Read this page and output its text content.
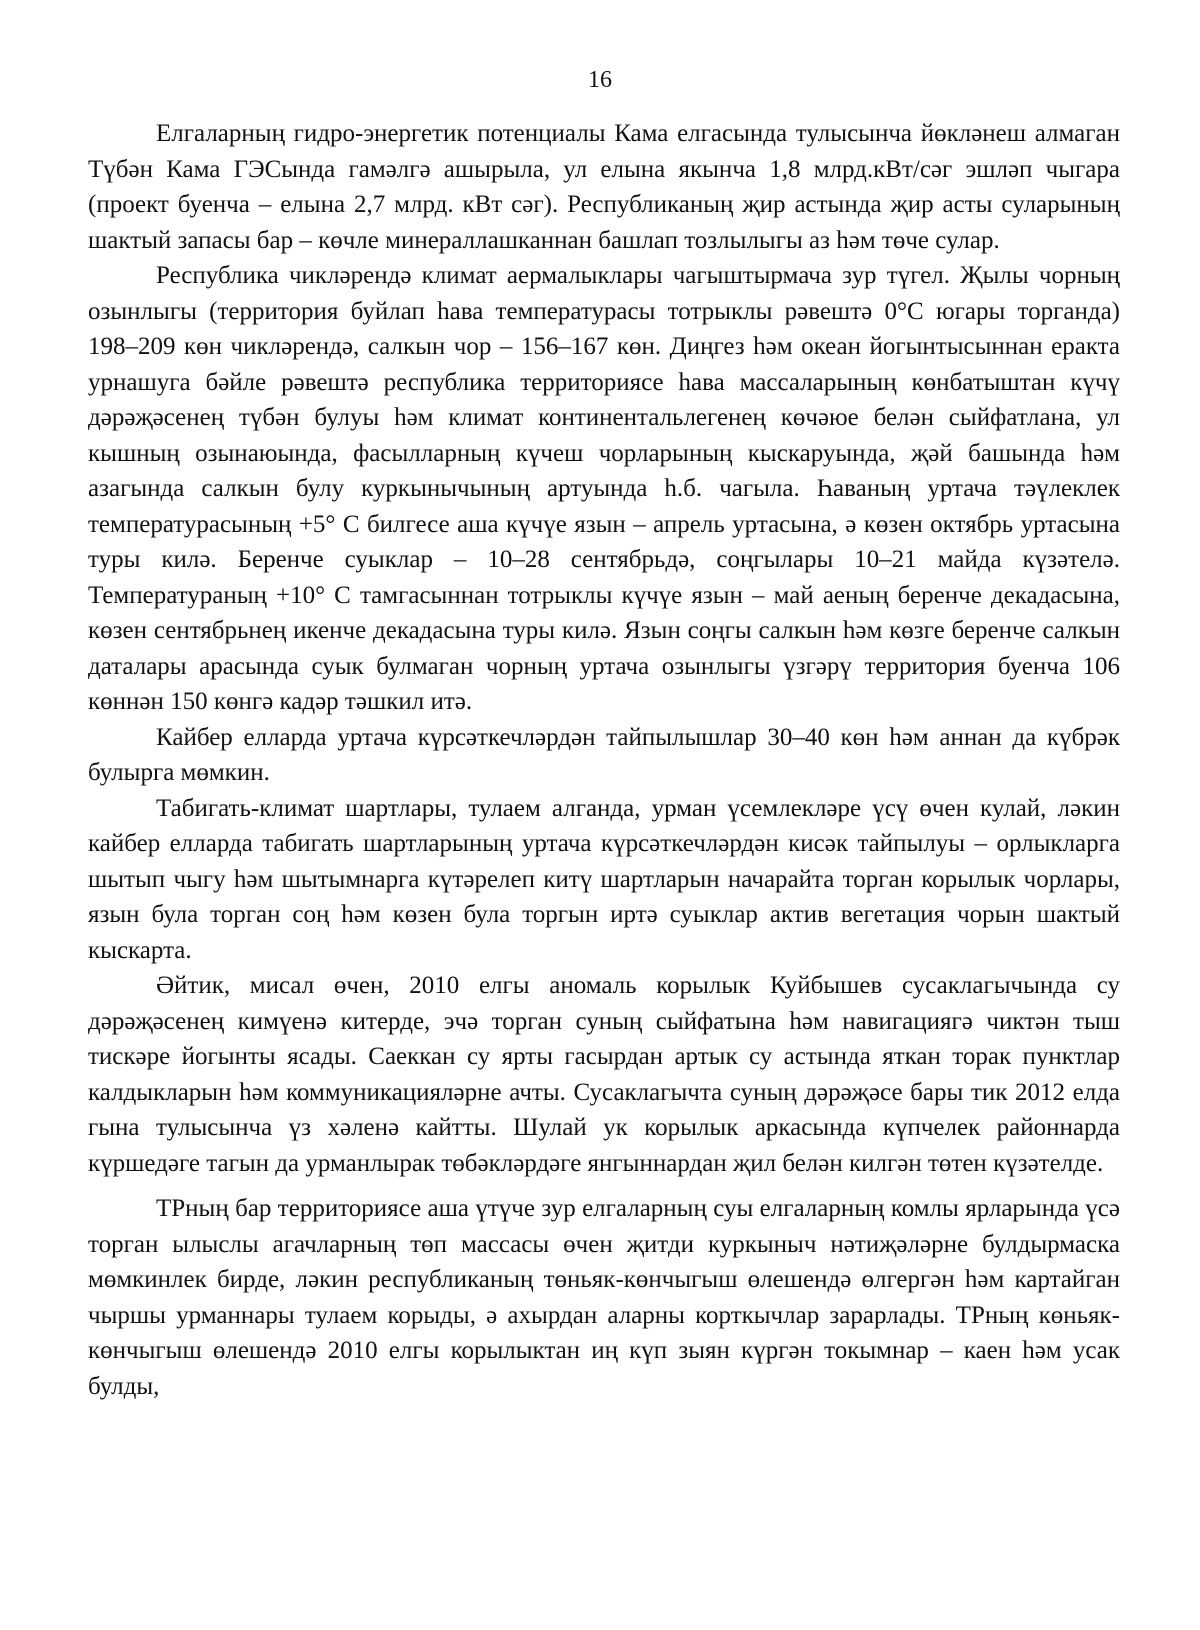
16

Елгаларның гидро-энергетик потенциалы Кама елгасында тулысынча йөкләнеш алмаган Түбән Кама ГЭСында гамәлгә ашырыла, ул елына якынча 1,8 млрд.кВт/сәг эшләп чыгара (проект буенча – елына 2,7 млрд. кВт сәг). Республиканың җир астында җир асты суларының шактый запасы бар – көчле минераллашканнан башлап тозлылыгы аз һәм төче сулар.

Республика чикләрендә климат аермалыклары чагыштырмача зур түгел. Җылы чорның озынлыгы (территория буйлап һава температурасы тотрыклы рәвештә 0°С югары торганда) 198–209 көн чикләрендә, салкын чор – 156–167 көн. Диңгез һәм океан йогынтысыннан еракта урнашуга бәйле рәвештә республика территориясе һава массаларының көнбатыштан күчү дәрәҗәсенең түбән булуы һәм климат континентальлегенең көчәюе белән сыйфатлана, ул кышның озынаюында, фасылларның күчеш чорларының кыскаруында, җәй башында һәм азагында салкын булу куркынычының артуында h.б. чагыла. Һаваның уртача тәүлеклек температурасының +5° С билгесе аша күчүе язын – апрель уртасына, ә көзен октябрь уртасына туры килә. Беренче суыклар – 10–28 сентябрьдә, соңгылары 10–21 майда күзәтелә. Температураның +10° С тамгасыннан тотрыклы күчүе язын – май аеның беренче декадасына, көзен сентябрьнең икенче декадасына туры килә. Язын соңгы салкын һәм көзге беренче салкын даталары арасында суык булмаган чорның уртача озынлыгы үзгәрү территория буенча 106 көннән 150 көнгә кадәр тәшкил итә.

Кайбер елларда уртача күрсәткечләрдән тайпылышлар 30–40 көн һәм аннан да күбрәк булырга мөмкин.

Табигать-климат шартлары, тулаем алганда, урман үсемлекләре үсү өчен кулай, ләкин кайбер елларда табигать шартларының уртача күрсәткечләрдән кисәк тайпылуы – орлыкларга шытып чыгу һәм шытымнарга күтәрелеп китү шартларын начарайта торган корылык чорлары, язын була торган соң һәм көзен була торгын иртә суыклар актив вегетация чорын шактый кыскарта.

Әйтик, мисал өчен, 2010 елгы аномаль корылык Куйбышев сусаклагычында су дәрәҗәсенең кимүенә китерде, эчә торган суның сыйфатына һәм навигациягә чиктән тыш тискәре йогынты ясады. Саеккан су ярты гасырдан артык су астында яткан торак пунктлар калдыкларын һәм коммуникацияләрне ачты. Сусаклагычта суның дәрәҗәсе бары тик 2012 елда гына тулысынча үз хәленә кайтты. Шулай ук корылык аркасында күпчелек районнарда күршедәге тагын да урманлырак төбәкләрдәге янгыннардан җил белән килгән төтен күзәтелде.

ТРның бар территориясе аша үтүче зур елгаларның суы елгаларның комлы ярларында үсә торган ылыслы агачларның төп массасы өчен җитди куркыныч нәтиҗәләрне булдырмаска мөмкинлек бирде, ләкин республиканың төньяк-көнчыгыш өлешендә өлгергән һәм картайган чыршы урманнары тулаем корыды, ә ахырдан аларны корткычлар зарарлады. ТРның көньяк-көнчыгыш өлешендә 2010 елгы корылыктан иң күп зыян күргән токымнар – каен һәм усак булды,
